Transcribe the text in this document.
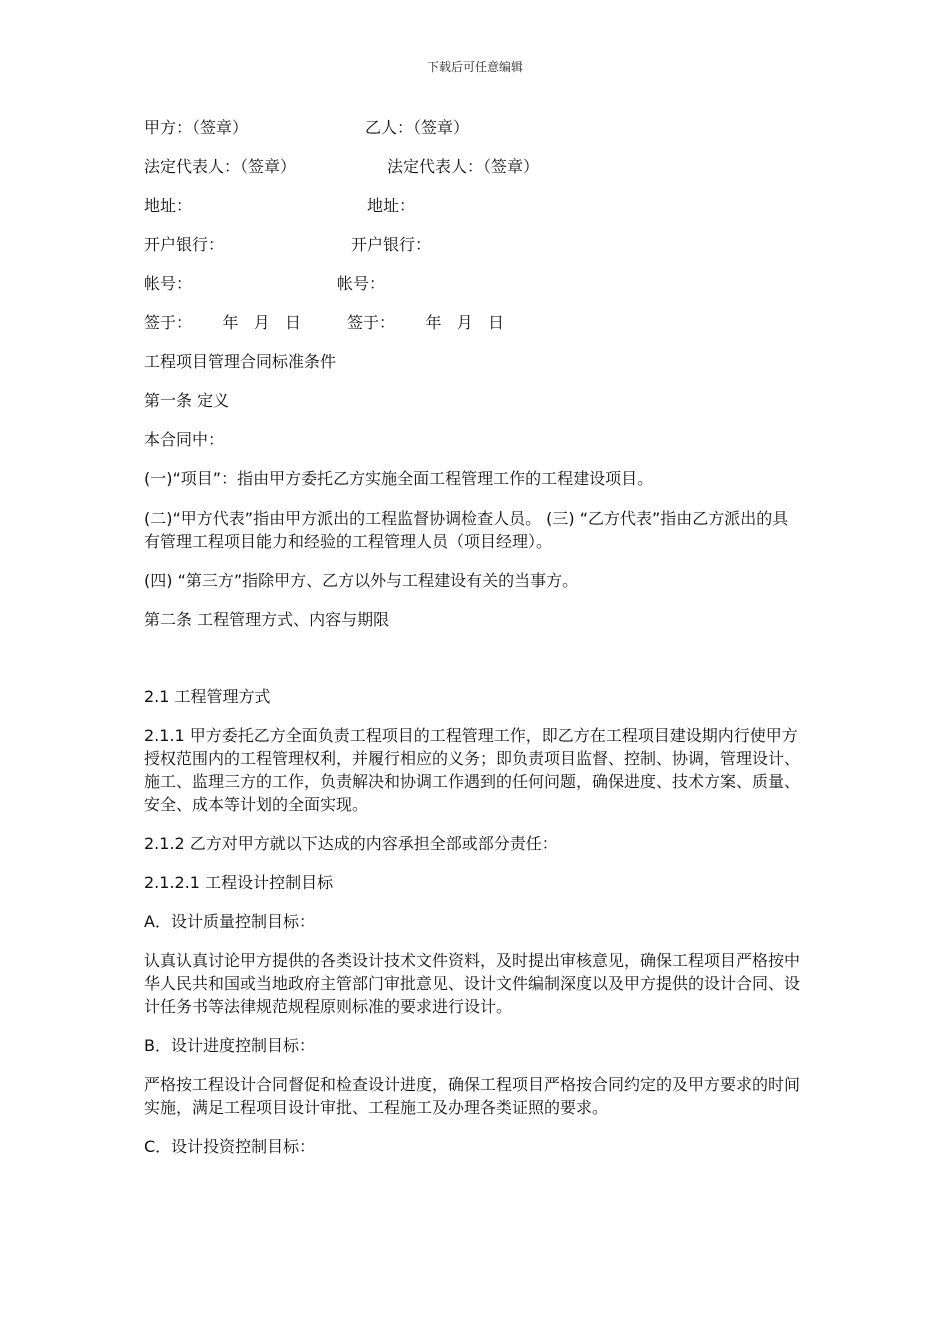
下载后可任意编辑
甲方：（签章）	乙人：（签章）
法定代表人：（签章）	法定代表人：（签章）
地址：	地址：
开户银行：	开户银行：
帐号：	帐号：
签于：      年   月   日	签于：      年   月   日
工程项目管理合同标准条件
第一条 定义
本合同中：
(一)“项目”：指由甲方委托乙方实施全面工程管理工作的工程建设项目。
(二)“甲方代表”指由甲方派出的工程监督协调检查人员。 (三) “乙方代表”指由乙方派出的具有管理工程项目能力和经验的工程管理人员（项目经理）。
(四) “第三方”指除甲方、乙方以外与工程建设有关的当事方。
第二条 工程管理方式、内容与期限
2.1 工程管理方式
2.1.1 甲方委托乙方全面负责工程项目的工程管理工作，即乙方在工程项目建设期内行使甲方授权范围内的工程管理权利，并履行相应的义务；即负责项目监督、控制、协调，管理设计、施工、监理三方的工作，负责解决和协调工作遇到的任何问题，确保进度、技术方案、质量、安全、成本等计划的全面实现。
2.1.2 乙方对甲方就以下达成的内容承担全部或部分责任：
2.1.2.1 工程设计控制目标
A．设计质量控制目标：
认真认真讨论甲方提供的各类设计技术文件资料，及时提出审核意见，确保工程项目严格按中华人民共和国或当地政府主管部门审批意见、设计文件编制深度以及甲方提供的设计合同、设计任务书等法律规范规程原则标准的要求进行设计。
B．设计进度控制目标：
严格按工程设计合同督促和检查设计进度，确保工程项目严格按合同约定的及甲方要求的时间实施，满足工程项目设计审批、工程施工及办理各类证照的要求。
C．设计投资控制目标：
